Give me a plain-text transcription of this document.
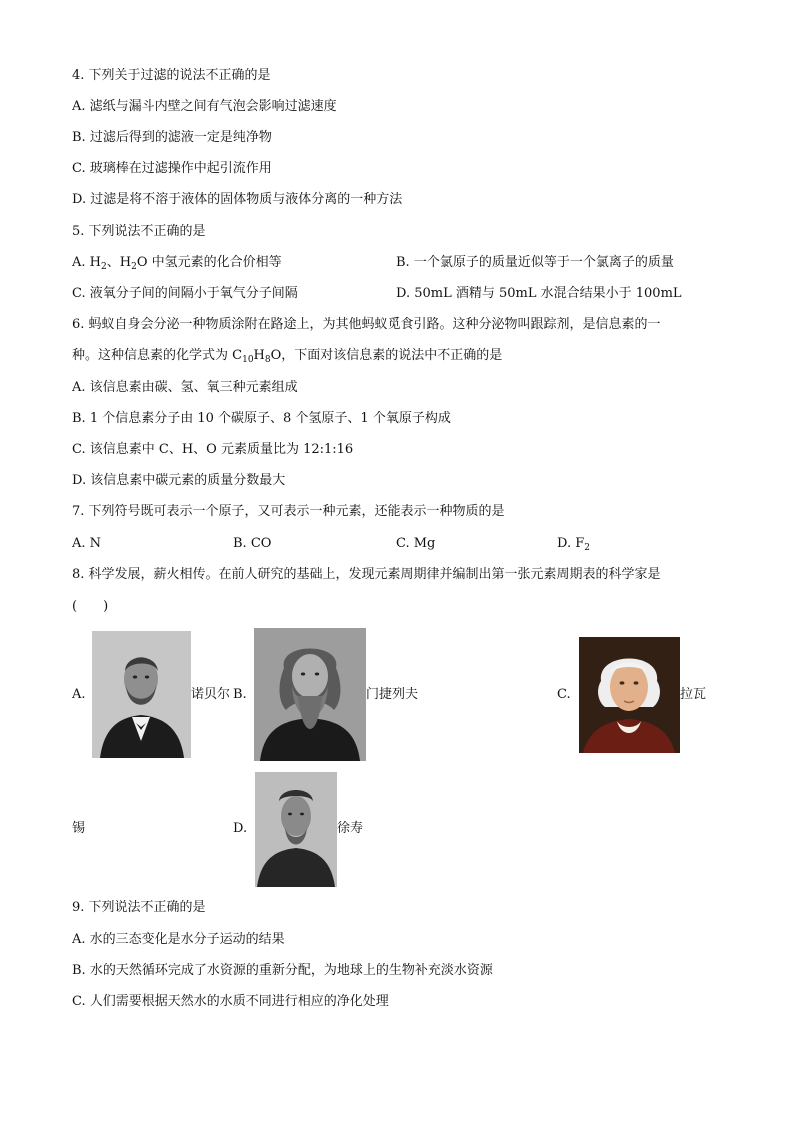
4. 下列关于过滤的说法不正确的是
A. 滤纸与漏斗内壁之间有气泡会影响过滤速度
B. 过滤后得到的滤液一定是纯净物
C. 玻璃棒在过滤操作中起引流作用
D. 过滤是将不溶于液体的固体物质与液体分离的一种方法
5. 下列说法不正确的是
A. $H_2$、$H_2O$ 中氢元素的化合价相等	B. 一个氯原子的质量近似等于一个氯离子的质量
C. 液氧分子间的间隔小于氧气分子间隔	D. 50mL 酒精与 50mL 水混合结果小于 100mL
6. 蚂蚁自身会分泌一种物质涂附在路途上，为其他蚂蚁觅食引路。这种分泌物叫跟踪剂，是信息素的一
种。这种信息素的化学式为 $C_{10}H_8O$，下面对该信息素的说法中不正确的是
A. 该信息素由碳、氢、氧三种元素组成
B. 1 个信息素分子由 10 个碳原子、8 个氢原子、1 个氧原子构成
C. 该信息素中 C、H、O 元素质量比为 12:1:16
D. 该信息素中碳元素的质量分数最大
7. 下列符号既可表示一个原子，又可表示一种元素，还能表示一种物质的是
A. N	B. CO	C. Mg	D. $F_2$
8. 科学发展，薪火相传。在前人研究的基础上，发现元素周期律并编制出第一张元素周期表的科学家是
(　　)
A.	诺贝尔 B.	门捷列夫	C.	拉瓦
锡	D.	徐寿
9. 下列说法不正确的是
A. 水的三态变化是水分子运动的结果
B. 水的天然循环完成了水资源的重新分配，为地球上的生物补充淡水资源
C. 人们需要根据天然水的水质不同进行相应的净化处理
